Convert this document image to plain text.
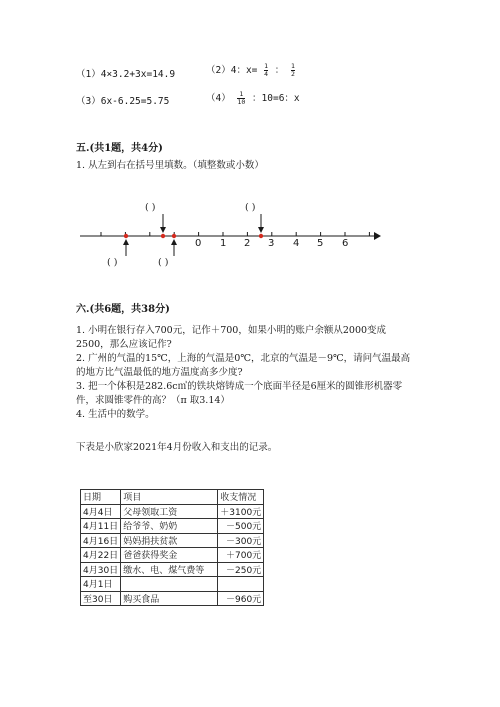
（1）4×3.2+3x=14.9	（2）4：$x= \frac{1}{4}$ ： $\frac{1}{2}$
（3）6x-6.25=5.75	$(4) \frac{1}{10}$ ：10=6：x
五.(共1题，共4分)
1. 从左到右在括号里填数。（填整数或小数）
( )	( )
( )	( )
0 1 2 3 4 5 6
六.(共6题，共38分)
1. 小明在银行存入700元，记作＋700，如果小明的账户余额从2000变成
2500，那么应该记作?
2. 广州的气温的15℃，上海的气温是0℃，北京的气温是－9℃，请问气温最高
的地方比气温最低的地方温度高多少度?
3. 把一个体积是282.6c㎥的铁块熔铸成一个底面半径是6厘米的圆锥形机器零
件，求圆锥零件的高？（π 取3.14）
4. 生活中的数学。
下表是小欣家2021年4月份收入和支出的记录。
日期	项目	收支情况
4月4日	父母领取工资	＋3100元
4月11日	给爷爷、奶奶	－500元
4月16日	妈妈捐扶贫款	－300元
4月22日	爸爸获得奖金	＋700元
4月30日	缴水、电、煤气费等	－250元
4月1日		
至30日	购买食品	－960元
